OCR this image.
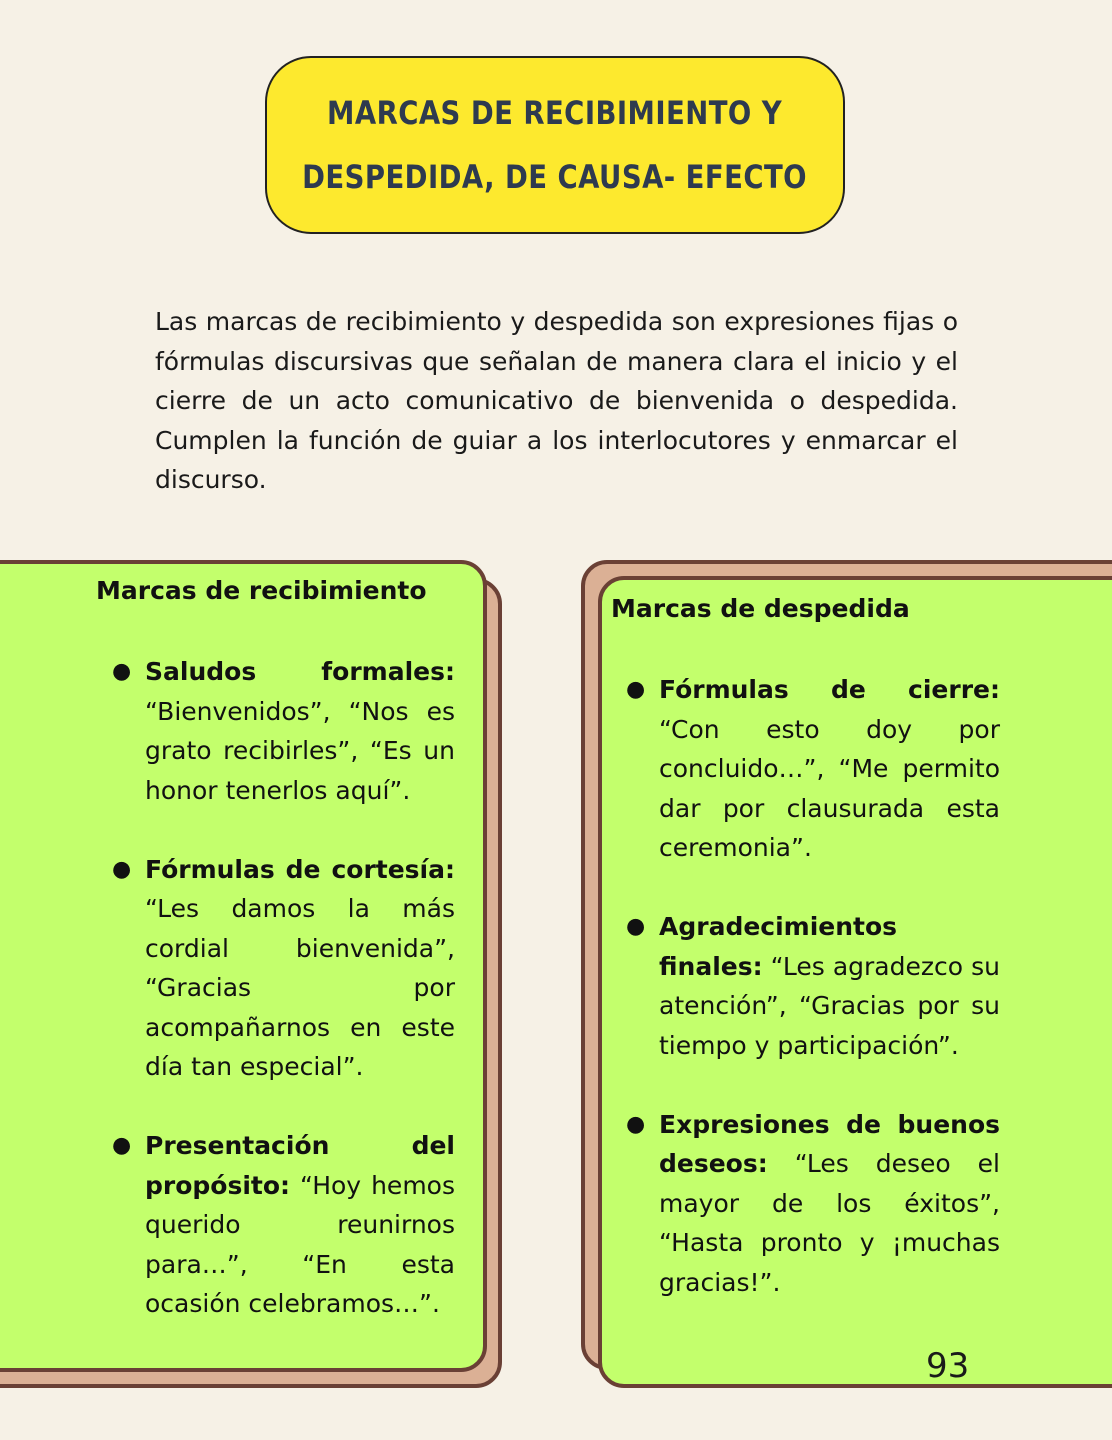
MARCAS DE RECIBIMIENTO Y
DESPEDIDA, DE CAUSA- EFECTO

Las marcas de recibimiento y despedida son expresiones fijas o fórmulas discursivas que señalan de manera clara el inicio y el cierre de un acto comunicativo de bienvenida o despedida. Cumplen la función de guiar a los interlocutores y enmarcar el discurso.

Marcas de recibimiento
● Saludos formales: “Bienvenidos”, “Nos es grato recibirles”, “Es un honor tenerlos aquí”.
● Fórmulas de cortesía: “Les damos la más cordial bienvenida”, “Gracias por acompañarnos en este día tan especial”.
● Presentación del propósito: “Hoy hemos querido reunirnos para…”, “En esta ocasión celebramos…”.
Marcas de despedida
● Fórmulas de cierre: “Con esto doy por concluido…”, “Me permito dar por clausurada esta ceremonia”.
● Agradecimientos finales: “Les agradezco su atención”, “Gracias por su tiempo y participación”.
● Expresiones de buenos deseos: “Les deseo el mayor de los éxitos”, “Hasta pronto y ¡muchas gracias!”.
93
